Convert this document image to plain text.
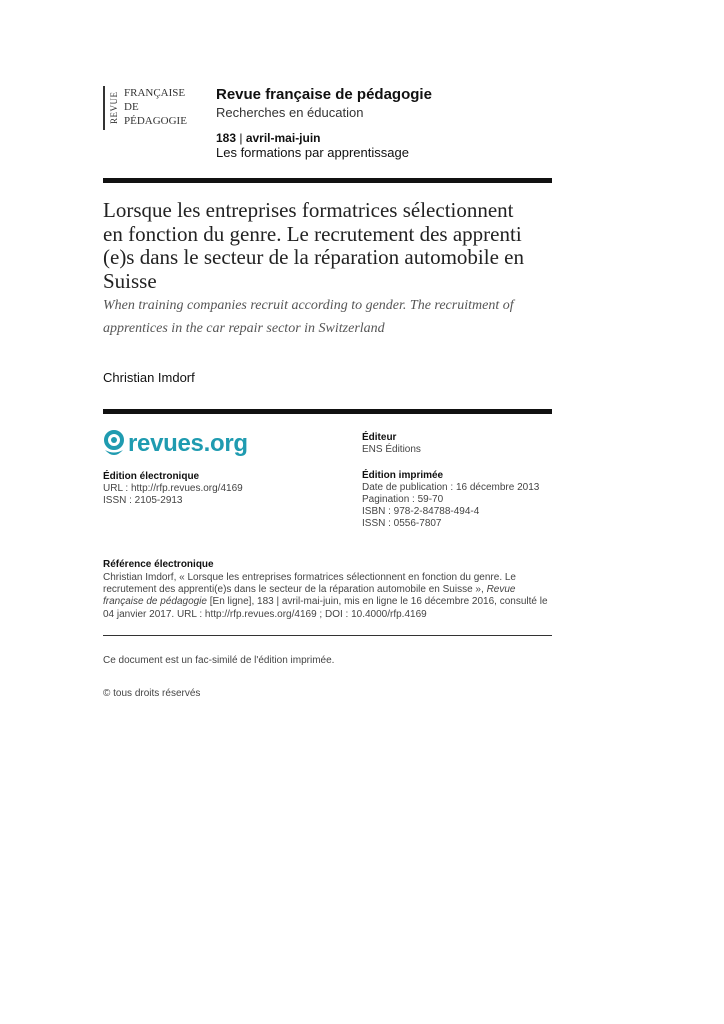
REVUE FRANÇAISE
DE
PÉDAGOGIE
Revue française de pédagogie
Recherches en éducation
183 | avril-mai-juin
Les formations par apprentissage
Lorsque les entreprises formatrices sélectionnent
en fonction du genre. Le recrutement des apprenti
(e)s dans le secteur de la réparation automobile en
Suisse
When training companies recruit according to gender. The recruitment of
apprentices in the car repair sector in Switzerland
Christian Imdorf
revues.org
Édition électronique
URL : http://rfp.revues.org/4169
ISSN : 2105-2913
Éditeur
ENS Éditions
Édition imprimée
Date de publication : 16 décembre 2013
Pagination : 59-70
ISBN : 978-2-84788-494-4
ISSN : 0556-7807
Référence électronique
Christian Imdorf, « Lorsque les entreprises formatrices sélectionnent en fonction du genre. Le recrutement des apprenti(e)s dans le secteur de la réparation automobile en Suisse », Revue française de pédagogie [En ligne], 183 | avril-mai-juin, mis en ligne le 16 décembre 2016, consulté le 04 janvier 2017. URL : http://rfp.revues.org/4169 ; DOI : 10.4000/rfp.4169
Ce document est un fac-similé de l'édition imprimée.
© tous droits réservés
